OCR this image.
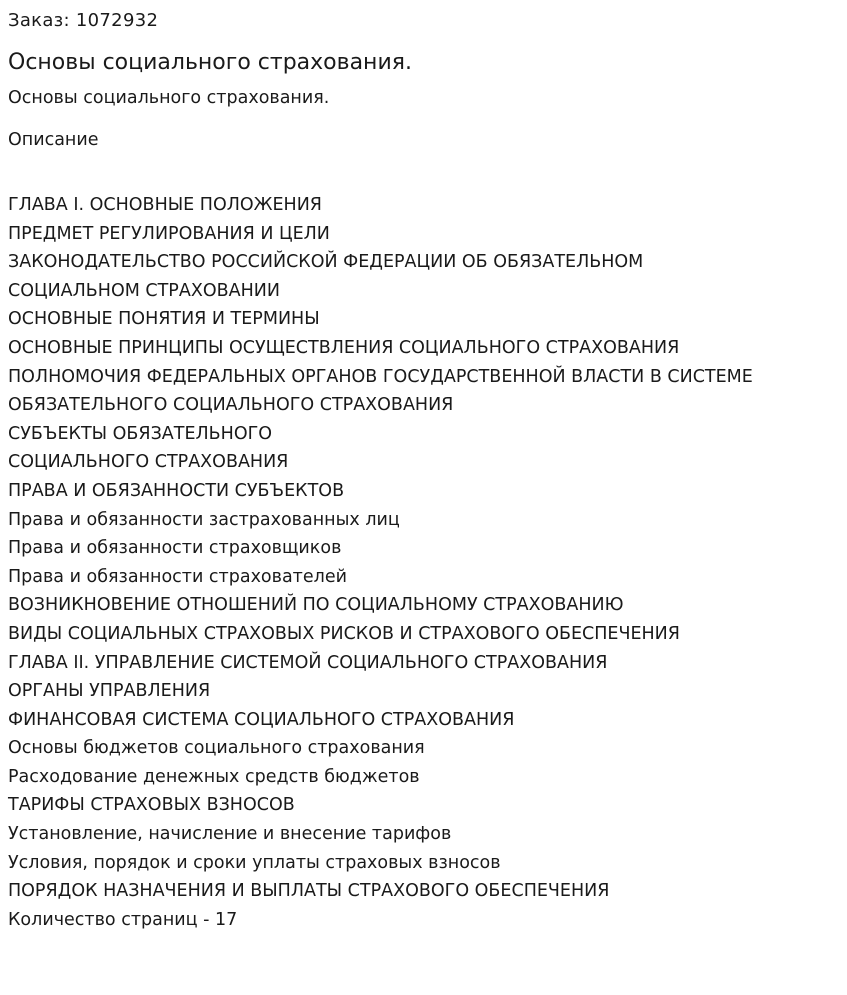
Заказ: 1072932

Основы социального страхования.

Основы социального страхования.

Описание
ГЛАВА I. ОСНОВНЫЕ ПОЛОЖЕНИЯ
ПРЕДМЕТ РЕГУЛИРОВАНИЯ И ЦЕЛИ
ЗАКОНОДАТЕЛЬСТВО РОССИЙСКОЙ ФЕДЕРАЦИИ ОБ ОБЯЗАТЕЛЬНОМ
СОЦИАЛЬНОМ СТРАХОВАНИИ
ОСНОВНЫЕ ПОНЯТИЯ И ТЕРМИНЫ
ОСНОВНЫЕ ПРИНЦИПЫ ОСУЩЕСТВЛЕНИЯ СОЦИАЛЬНОГО СТРАХОВАНИЯ
ПОЛНОМОЧИЯ ФЕДЕРАЛЬНЫХ ОРГАНОВ ГОСУДАРСТВЕННОЙ ВЛАСТИ В СИСТЕМЕ
ОБЯЗАТЕЛЬНОГО СОЦИАЛЬНОГО СТРАХОВАНИЯ
СУБЪЕКТЫ ОБЯЗАТЕЛЬНОГО
СОЦИАЛЬНОГО СТРАХОВАНИЯ
ПРАВА И ОБЯЗАННОСТИ СУБЪЕКТОВ
Права и обязанности застрахованных лиц
Права и обязанности страховщиков
Права и обязанности страхователей
ВОЗНИКНОВЕНИЕ ОТНОШЕНИЙ ПО СОЦИАЛЬНОМУ СТРАХОВАНИЮ
ВИДЫ СОЦИАЛЬНЫХ СТРАХОВЫХ РИСКОВ И СТРАХОВОГО ОБЕСПЕЧЕНИЯ
ГЛАВА II. УПРАВЛЕНИЕ СИСТЕМОЙ СОЦИАЛЬНОГО СТРАХОВАНИЯ
ОРГАНЫ УПРАВЛЕНИЯ
ФИНАНСОВАЯ СИСТЕМА СОЦИАЛЬНОГО СТРАХОВАНИЯ
Основы бюджетов социального страхования
Расходование денежных средств бюджетов
ТАРИФЫ СТРАХОВЫХ ВЗНОСОВ
Установление, начисление и внесение тарифов
Условия, порядок и сроки уплаты страховых взносов
ПОРЯДОК НАЗНАЧЕНИЯ И ВЫПЛАТЫ СТРАХОВОГО ОБЕСПЕЧЕНИЯ

Количество страниц - 17
